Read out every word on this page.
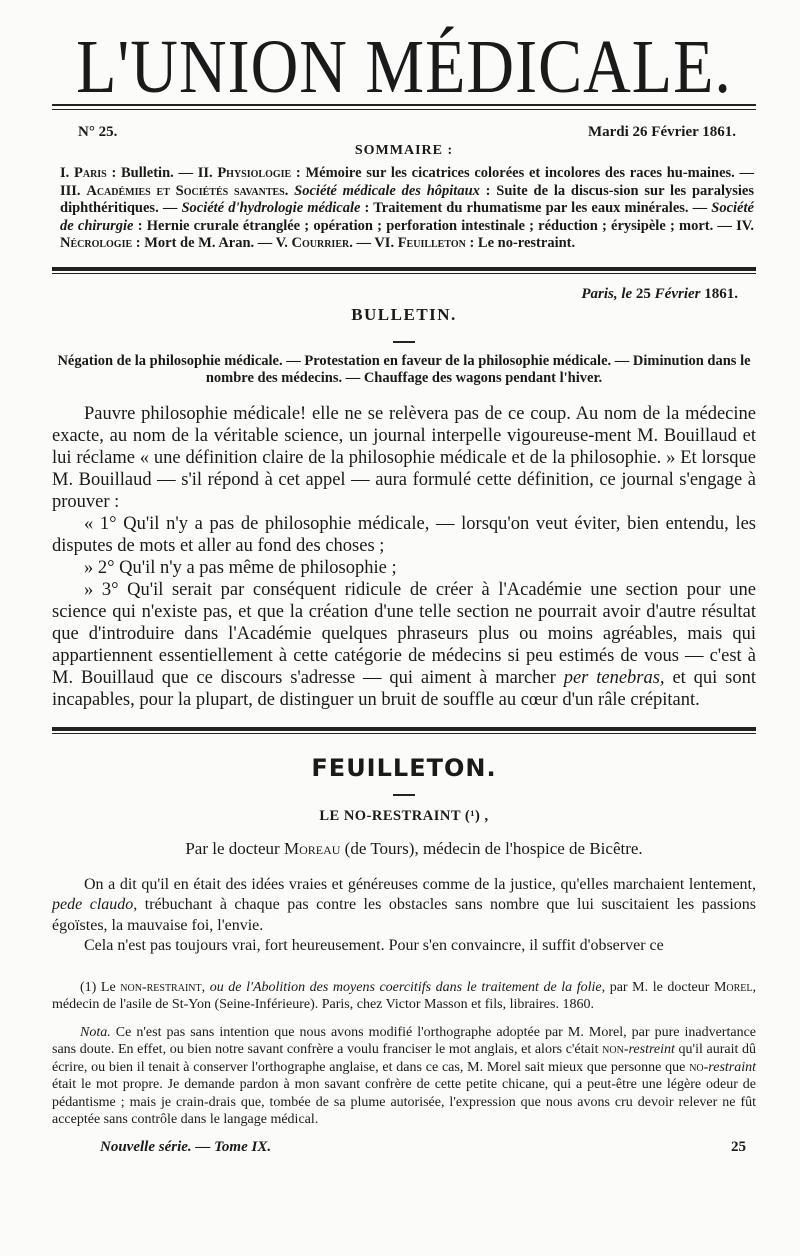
L'UNION MÉDICALE.
N° 25.	Mardi 26 Février 1861.
SOMMAIRE :
I. Paris : Bulletin. — II. Physiologie : Mémoire sur les cicatrices colorées et incolores des races hu-maines. — III. Académies et Sociétés savantes. Société médicale des hôpitaux : Suite de la discus-sion sur les paralysies diphthéritiques. — Société d'hydrologie médicale : Traitement du rhumatisme par les eaux minérales. — Société de chirurgie : Hernie crurale étranglée ; opération ; perforation intestinale ; réduction ; érysipèle ; mort. — IV. Nécrologie : Mort de M. Aran. — V. Courrier. — VI. Feuilleton : Le no-restraint.
Paris, le 25 Février 1861.
BULLETIN.
Négation de la philosophie médicale. — Protestation en faveur de la philosophie médicale. — Diminution dans le nombre des médecins. — Chauffage des wagons pendant l'hiver.

Pauvre philosophie médicale! elle ne se relèvera pas de ce coup. Au nom de la médecine exacte, au nom de la véritable science, un journal interpelle vigoureuse-ment M. Bouillaud et lui réclame « une définition claire de la philosophie médicale et de la philosophie. » Et lorsque M. Bouillaud — s'il répond à cet appel — aura formulé cette définition, ce journal s'engage à prouver :

« 1° Qu'il n'y a pas de philosophie médicale, — lorsqu'on veut éviter, bien entendu, les disputes de mots et aller au fond des choses ;

» 2° Qu'il n'y a pas même de philosophie ;

» 3° Qu'il serait par conséquent ridicule de créer à l'Académie une section pour une science qui n'existe pas, et que la création d'une telle section ne pourrait avoir d'autre résultat que d'introduire dans l'Académie quelques phraseurs plus ou moins agréables, mais qui appartiennent essentiellement à cette catégorie de médecins si peu estimés de vous — c'est à M. Bouillaud que ce discours s'adresse — qui aiment à marcher per tenebras, et qui sont incapables, pour la plupart, de distinguer un bruit de souffle au cœur d'un râle crépitant.

FEUILLETON.
LE NO-RESTRAINT (¹) ,
Par le docteur Moreau (de Tours), médecin de l'hospice de Bicêtre.

On a dit qu'il en était des idées vraies et généreuses comme de la justice, qu'elles marchaient lentement, pede claudo, trébuchant à chaque pas contre les obstacles sans nombre que lui suscitaient les passions égoïstes, la mauvaise foi, l'envie.

Cela n'est pas toujours vrai, fort heureusement. Pour s'en convaincre, il suffit d'observer ce

(1) Le non-restraint, ou de l'Abolition des moyens coercitifs dans le traitement de la folie, par M. le docteur Morel, médecin de l'asile de St-Yon (Seine-Inférieure). Paris, chez Victor Masson et fils, libraires. 1860.

Nota. Ce n'est pas sans intention que nous avons modifié l'orthographe adoptée par M. Morel, par pure inadvertance sans doute. En effet, ou bien notre savant confrère a voulu franciser le mot anglais, et alors c'était non-restreint qu'il aurait dû écrire, ou bien il tenait à conserver l'orthographe anglaise, et dans ce cas, M. Morel sait mieux que personne que no-restraint était le mot propre. Je demande pardon à mon savant confrère de cette petite chicane, qui a peut-être une légère odeur de pédantisme ; mais je crain-drais que, tombée de sa plume autorisée, l'expression que nous avons cru devoir relever ne fût acceptée sans contrôle dans le langage médical.

Nouvelle série. — Tome IX.	25
